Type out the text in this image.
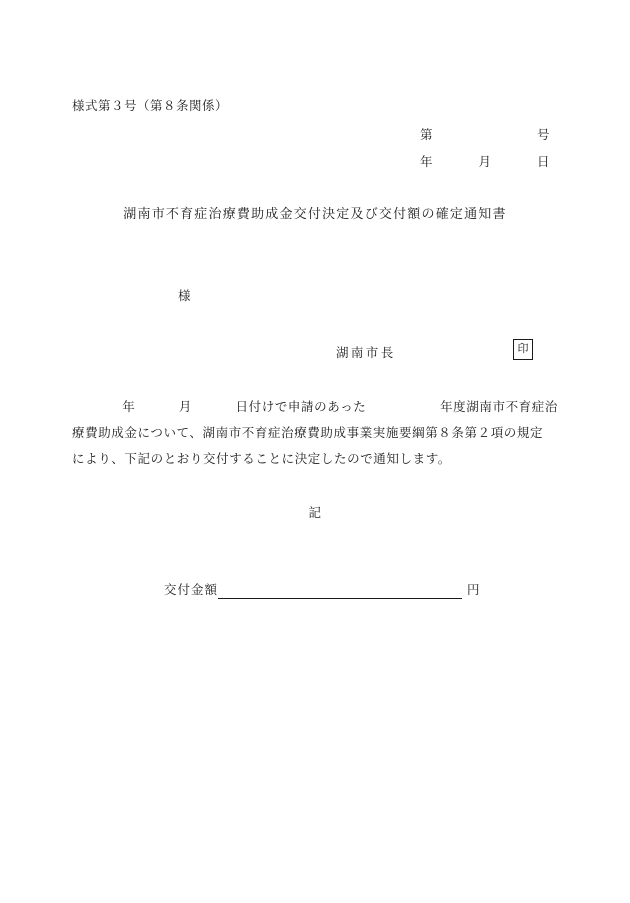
様式第３号（第８条関係）
第	号
年	月	日
湖南市不育症治療費助成金交付決定及び交付額の確定通知書
様
湖南市長	印
年	月	日付けで申請のあった	年度湖南市不育症治
療費助成金について、湖南市不育症治療費助成事業実施要綱第８条第２項の規定
により、下記のとおり交付することに決定したので通知します。
記
交付金額	円
